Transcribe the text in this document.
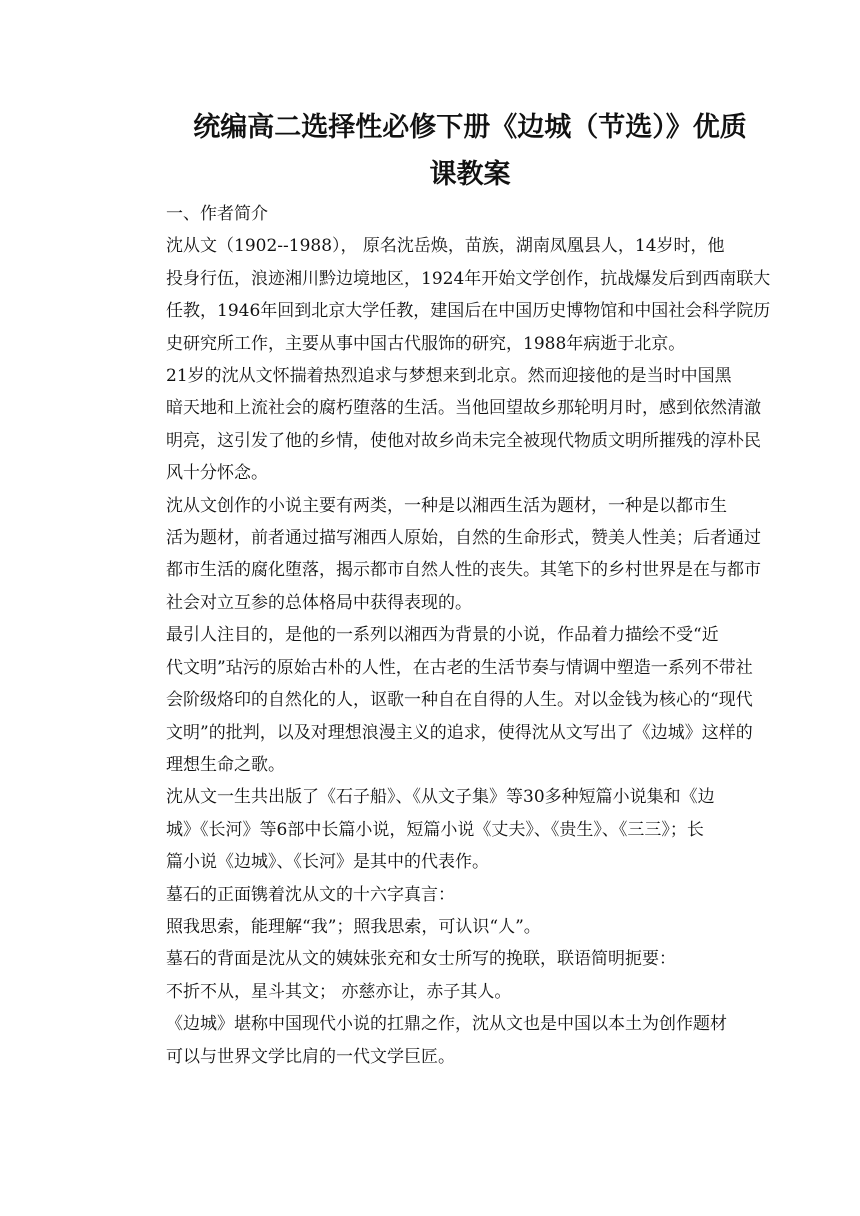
统编高二选择性必修下册《边城（节选）》优质
课教案

一、作者简介

沈从文（1902--1988）， 原名沈岳焕，苗族，湖南凤凰县人，14岁时，他
投身行伍，浪迹湘川黔边境地区，1924年开始文学创作，抗战爆发后到西南联大
任教，1946年回到北京大学任教，建国后在中国历史博物馆和中国社会科学院历
史研究所工作，主要从事中国古代服饰的研究，1988年病逝于北京。

21岁的沈从文怀揣着热烈追求与梦想来到北京。然而迎接他的是当时中国黑
暗天地和上流社会的腐朽堕落的生活。当他回望故乡那轮明月时，感到依然清澈
明亮，这引发了他的乡情，使他对故乡尚未完全被现代物质文明所摧残的淳朴民
风十分怀念。

沈从文创作的小说主要有两类，一种是以湘西生活为题材，一种是以都市生
活为题材，前者通过描写湘西人原始，自然的生命形式，赞美人性美；后者通过
都市生活的腐化堕落，揭示都市自然人性的丧失。其笔下的乡村世界是在与都市
社会对立互参的总体格局中获得表现的。

最引人注目的，是他的一系列以湘西为背景的小说，作品着力描绘不受“近
代文明”玷污的原始古朴的人性，在古老的生活节奏与情调中塑造一系列不带社
会阶级烙印的自然化的人，讴歌一种自在自得的人生。对以金钱为核心的“现代
文明”的批判，以及对理想浪漫主义的追求，使得沈从文写出了《边城》这样的
理想生命之歌。

沈从文一生共出版了《石子船》、《从文子集》等30多种短篇小说集和《边
城》《长河》等6部中长篇小说，短篇小说《丈夫》、《贵生》、《三三》；长
篇小说《边城》、《长河》是其中的代表作。

墓石的正面镌着沈从文的十六字真言：

照我思索，能理解“我”；照我思索，可认识“人”。

墓石的背面是沈从文的姨妹张充和女士所写的挽联，联语简明扼要：

不折不从，星斗其文； 亦慈亦让，赤子其人。

《边城》堪称中国现代小说的扛鼎之作，沈从文也是中国以本土为创作题材
可以与世界文学比肩的一代文学巨匠。
